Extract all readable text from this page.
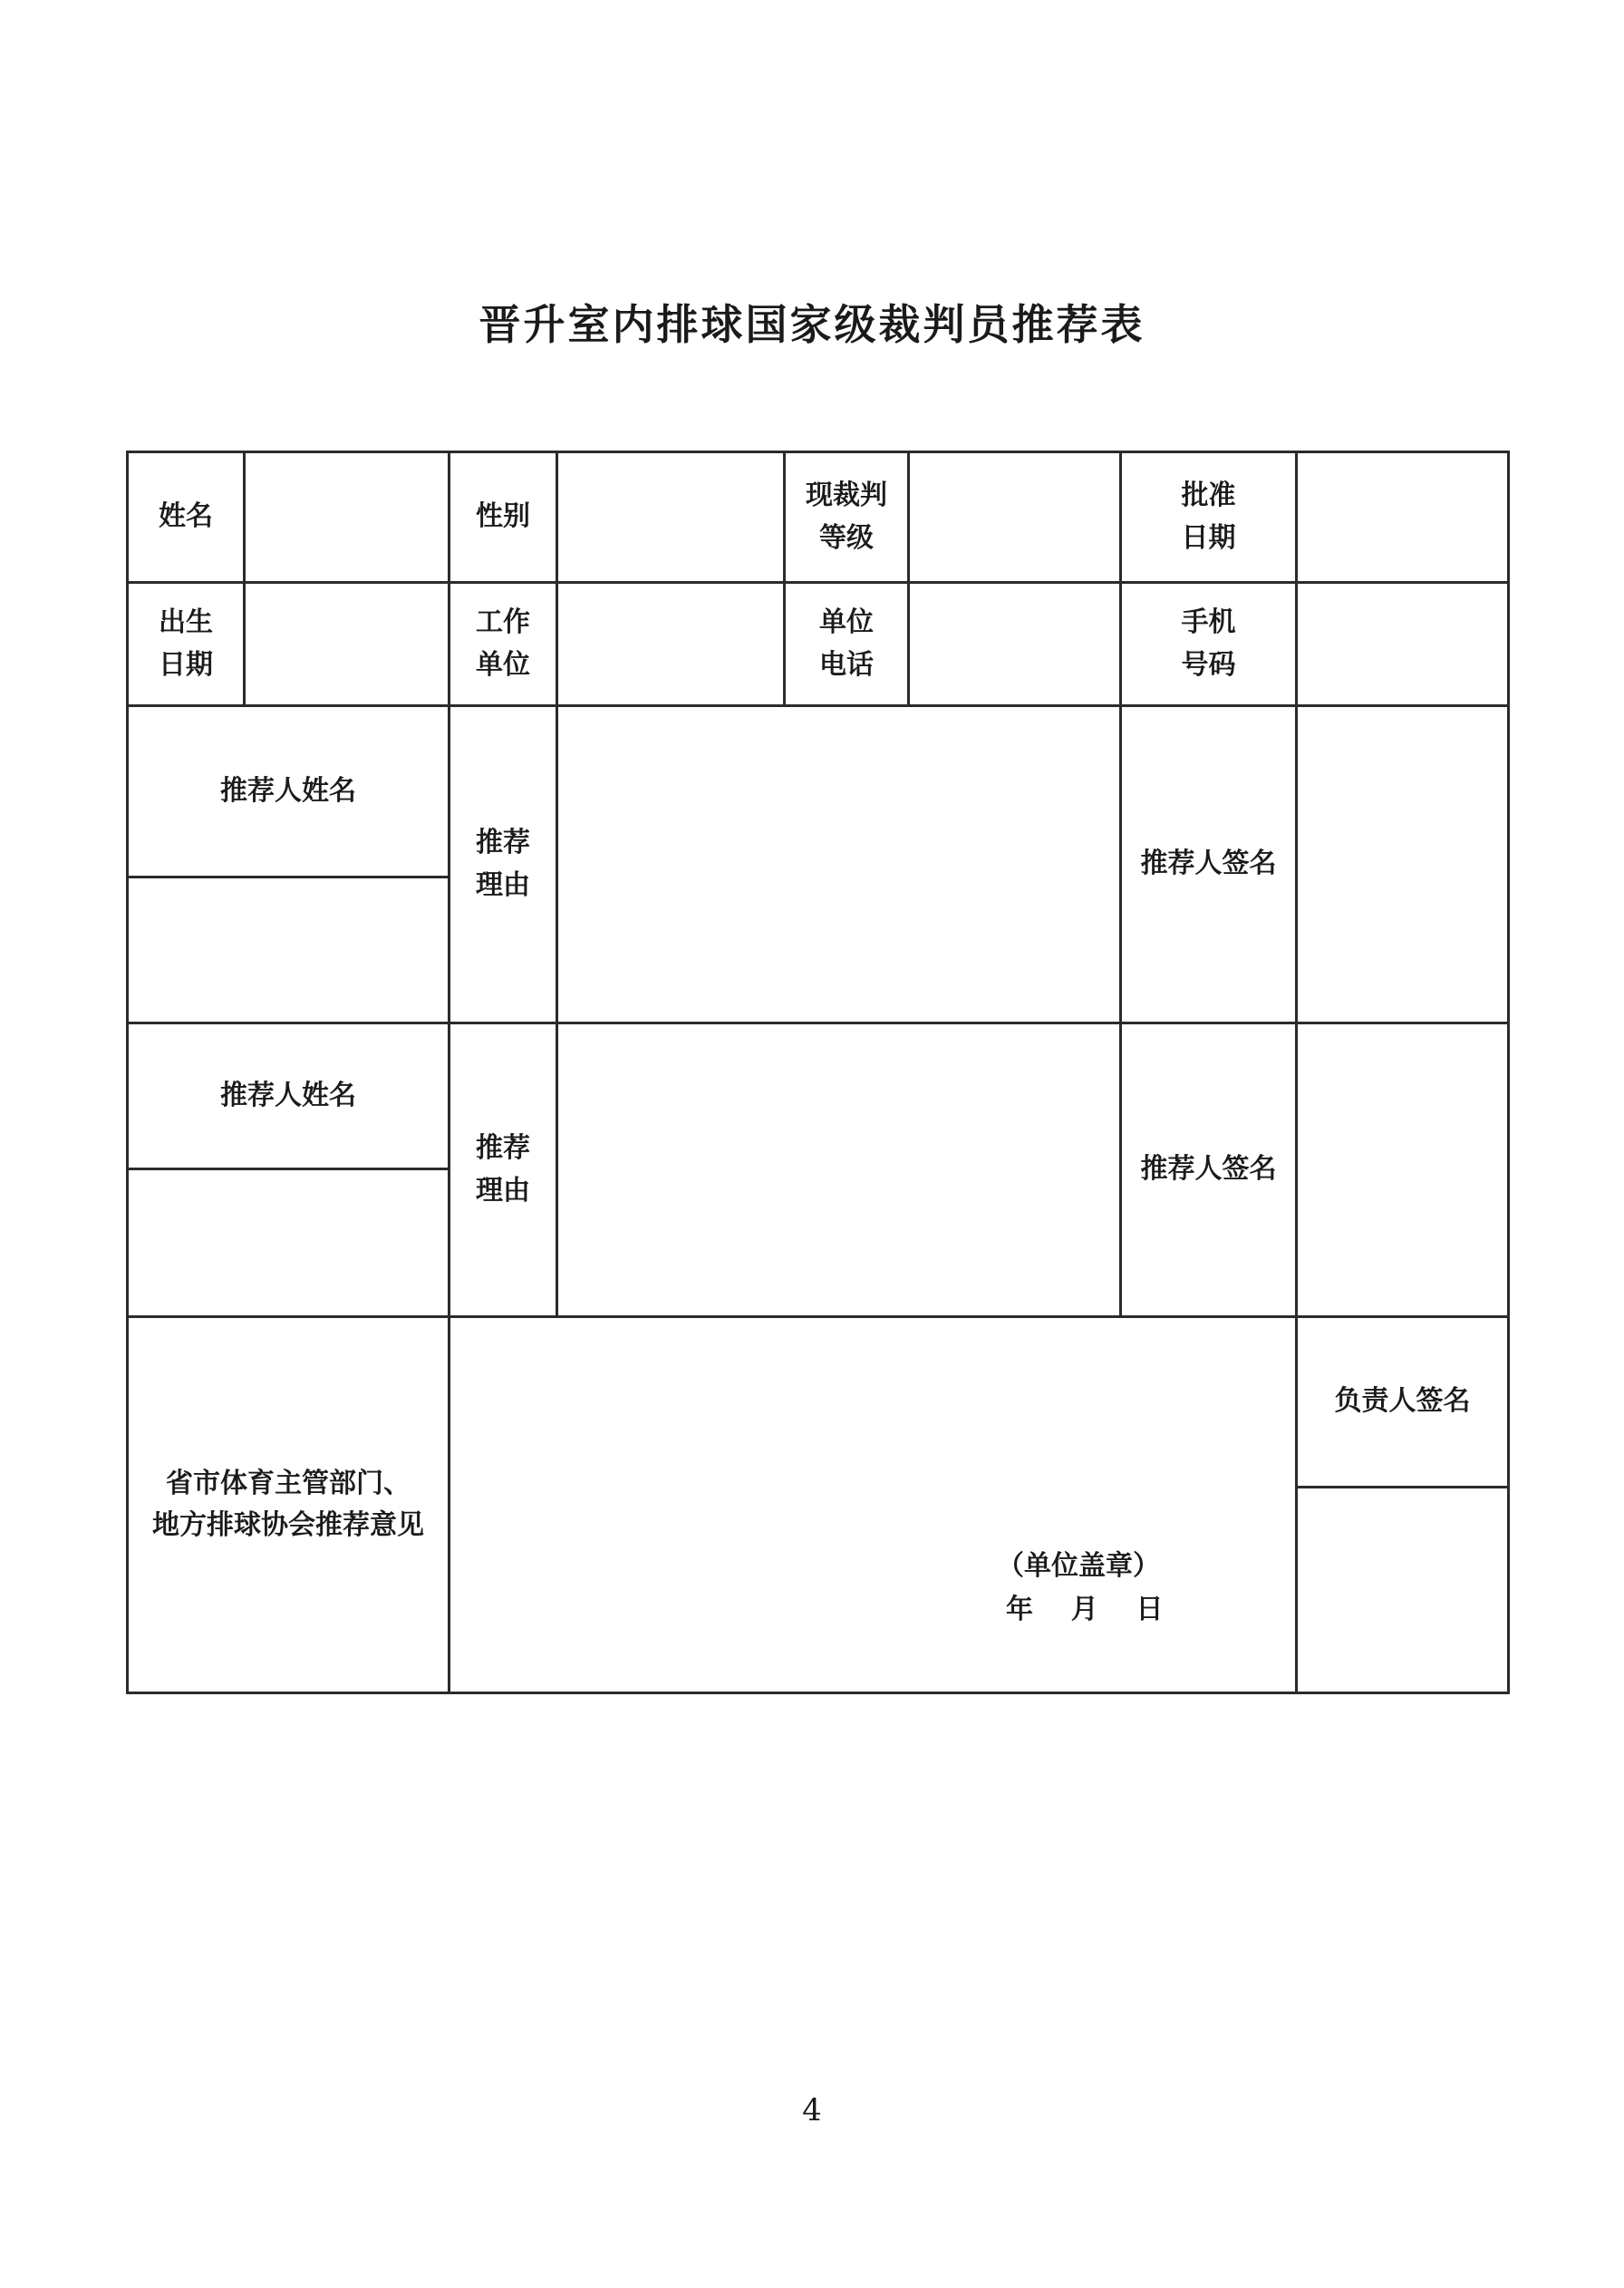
晋升室内排球国家级裁判员推荐表
姓名	性别
现裁判
等级
批准
日期
出生
日期
工作
单位
单位
电话
手机
号码
推荐人姓名
推荐
理由
推荐人签名
推荐人姓名
推荐
理由
推荐人签名
省市体育主管部门、
地方排球协会推荐意见
（单位盖章）
年    月    日
负责人签名
4
